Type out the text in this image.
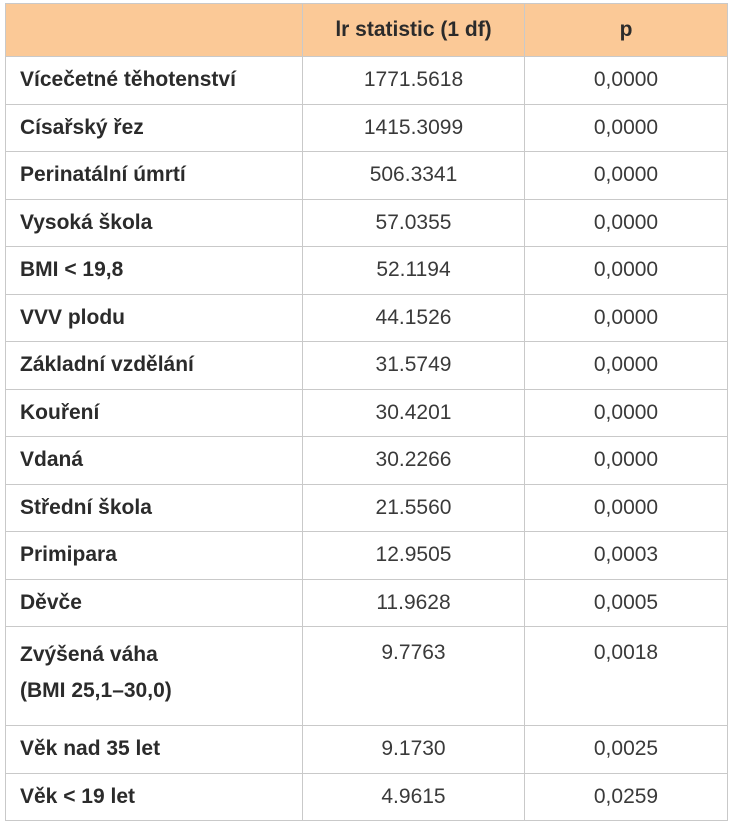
	lr statistic (1 df)	p

Vícečetné těhotenství	1771.5618	0,0000

Císařský řez	1415.3099	0,0000

Perinatální úmrtí	506.3341	0,0000

Vysoká škola	57.0355	0,0000

BMI < 19,8	52.1194	0,0000

VVV plodu	44.1526	0,0000

Základní vzdělání	31.5749	0,0000

Kouření	30.4201	0,0000

Vdaná	30.2266	0,0000

Střední škola	21.5560	0,0000

Primipara	12.9505	0,0003

Děvče	11.9628	0,0005

Zvýšená váha
(BMI 25,1–30,0)	9.7763	0,0018

Věk nad 35 let	9.1730	0,0025

Věk < 19 let	4.9615	0,0259
